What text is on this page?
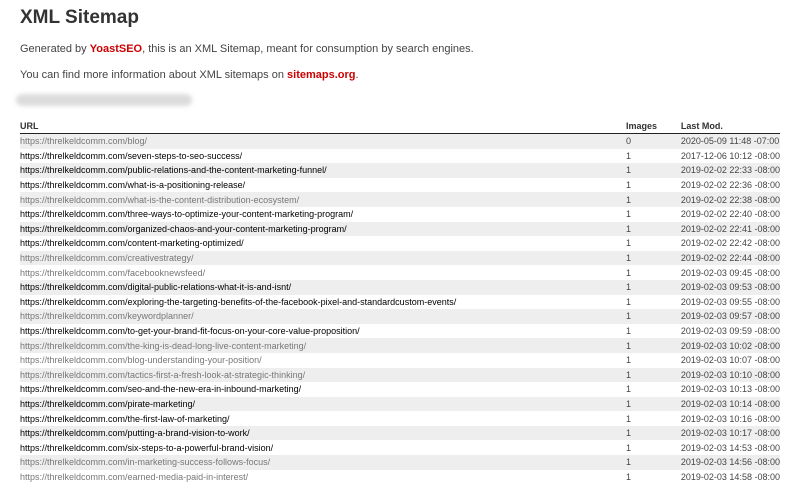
XML Sitemap

Generated by YoastSEO, this is an XML Sitemap, meant for consumption by search engines.

You can find more information about XML sitemaps on sitemaps.org.

URL	Images	Last Mod.
https://threlkeldcomm.com/blog/	0	2020-05-09 11:48 -07:00
https://threlkeldcomm.com/seven-steps-to-seo-success/	1	2017-12-06 10:12 -08:00
https://threlkeldcomm.com/public-relations-and-the-content-marketing-funnel/	1	2019-02-02 22:33 -08:00
https://threlkeldcomm.com/what-is-a-positioning-release/	1	2019-02-02 22:36 -08:00
https://threlkeldcomm.com/what-is-the-content-distribution-ecosystem/	1	2019-02-02 22:38 -08:00
https://threlkeldcomm.com/three-ways-to-optimize-your-content-marketing-program/	1	2019-02-02 22:40 -08:00
https://threlkeldcomm.com/organized-chaos-and-your-content-marketing-program/	1	2019-02-02 22:41 -08:00
https://threlkeldcomm.com/content-marketing-optimized/	1	2019-02-02 22:42 -08:00
https://threlkeldcomm.com/creativestrategy/	1	2019-02-02 22:44 -08:00
https://threlkeldcomm.com/facebooknewsfeed/	1	2019-02-03 09:45 -08:00
https://threlkeldcomm.com/digital-public-relations-what-it-is-and-isnt/	1	2019-02-03 09:53 -08:00
https://threlkeldcomm.com/exploring-the-targeting-benefits-of-the-facebook-pixel-and-standardcustom-events/	1	2019-02-03 09:55 -08:00
https://threlkeldcomm.com/keywordplanner/	1	2019-02-03 09:57 -08:00
https://threlkeldcomm.com/to-get-your-brand-fit-focus-on-your-core-value-proposition/	1	2019-02-03 09:59 -08:00
https://threlkeldcomm.com/the-king-is-dead-long-live-content-marketing/	1	2019-02-03 10:02 -08:00
https://threlkeldcomm.com/blog-understanding-your-position/	1	2019-02-03 10:07 -08:00
https://threlkeldcomm.com/tactics-first-a-fresh-look-at-strategic-thinking/	1	2019-02-03 10:10 -08:00
https://threlkeldcomm.com/seo-and-the-new-era-in-inbound-marketing/	1	2019-02-03 10:13 -08:00
https://threlkeldcomm.com/pirate-marketing/	1	2019-02-03 10:14 -08:00
https://threlkeldcomm.com/the-first-law-of-marketing/	1	2019-02-03 10:16 -08:00
https://threlkeldcomm.com/putting-a-brand-vision-to-work/	1	2019-02-03 10:17 -08:00
https://threlkeldcomm.com/six-steps-to-a-powerful-brand-vision/	1	2019-02-03 14:53 -08:00
https://threlkeldcomm.com/in-marketing-success-follows-focus/	1	2019-02-03 14:56 -08:00
https://threlkeldcomm.com/earned-media-paid-in-interest/	1	2019-02-03 14:58 -08:00
